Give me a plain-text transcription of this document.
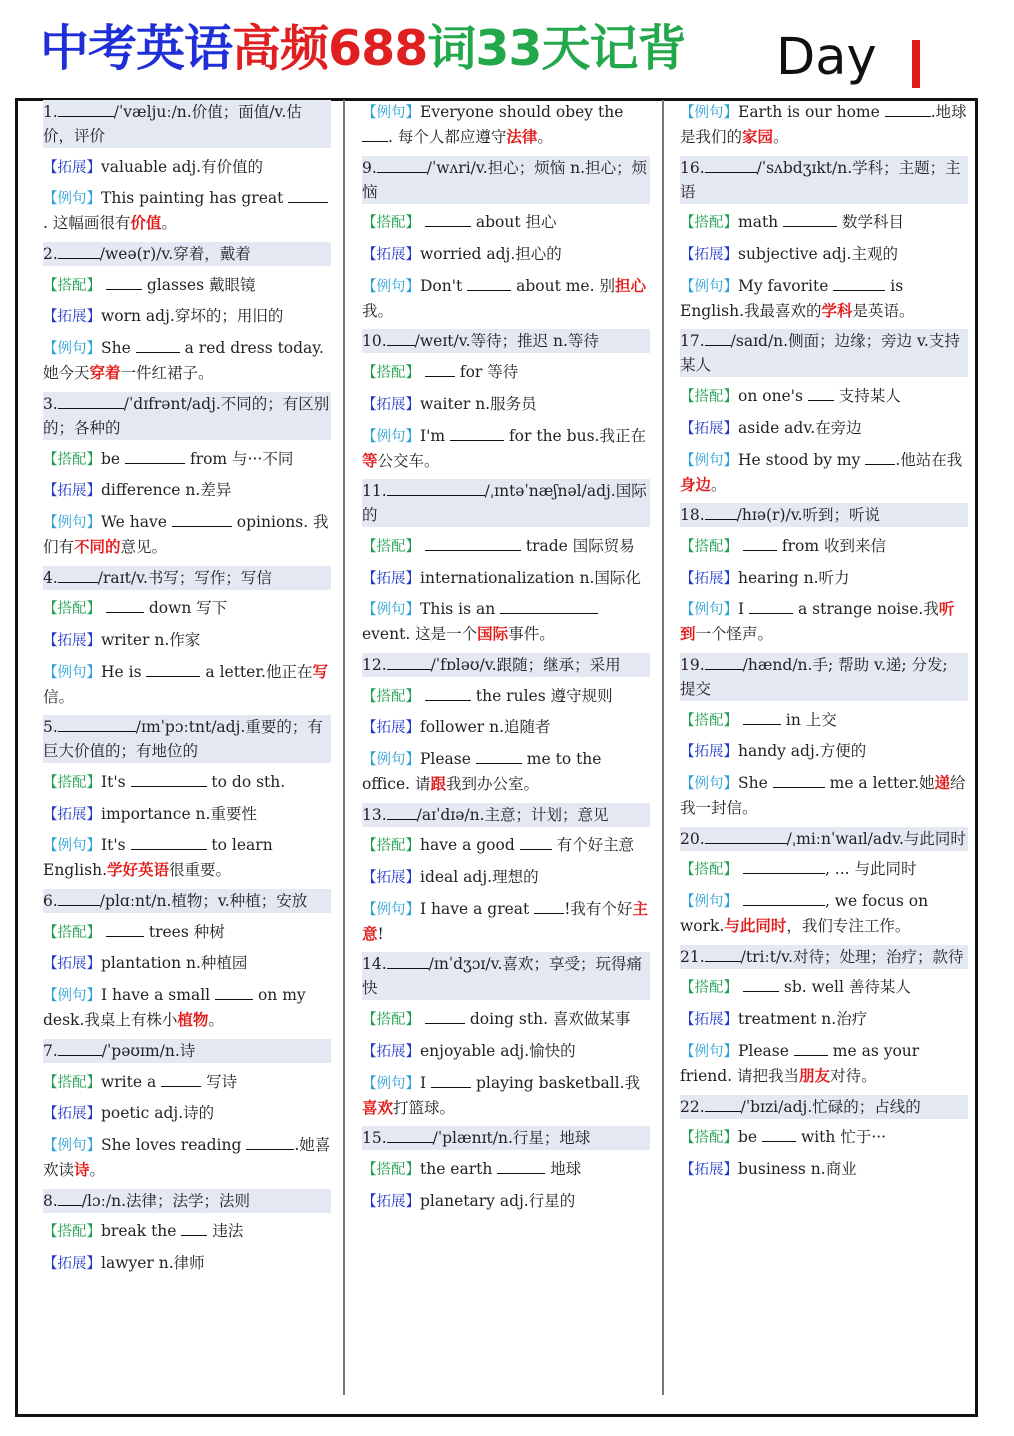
中考英语高频688词33天记背 Day
1.	/ˈvæljuː/n.价值；面值/v.估价，评价
【拓展】valuable adj.有价值的
【例句】This painting has great . 这幅画很有价值。
2.	/weə(r)/v.穿着，戴着
【搭配】	glasses 戴眼镜
【拓展】worn adj.穿坏的；用旧的
【例句】She	a red dress today. 她今天穿着一件红裙子。
3.	/ˈdɪfrənt/adj.不同的；有区别的；各种的
【搭配】be	from 与···不同
【拓展】difference n.差异
【例句】We have	opinions. 我们有不同的意见。
4.	/raɪt/v.书写；写作；写信
【搭配】	down 写下
【拓展】writer n.作家
【例句】He is	a letter.他正在写信。
5.	/ɪmˈpɔːtnt/adj.重要的；有巨大价值的；有地位的
【搭配】It's	to do sth.
【拓展】importance n.重要性
【例句】It's	to learn English.学好英语很重要。
6.	/plɑːnt/n.植物；v.种植；安放
【搭配】	trees 种树
【拓展】plantation n.种植园
【例句】I have a small  on my desk.我桌上有株小植物。
7.	/ˈpəʊɪm/n.诗
【搭配】write a	写诗
【拓展】poetic adj.诗的
【例句】She loves reading	.她喜欢读诗。
8. /lɔː/n.法律；法学；法则
【搭配】break the  违法
【拓展】lawyer n.律师
【例句】Everyone should obey the . 每个人都应遵守法律。
9.	/ˈwʌri/v.担心；烦恼 n.担心；烦恼
【搭配】	about 担心
【拓展】worried adj.担心的
【例句】Don't	about me. 别担心我。
10. /weɪt/v.等待；推迟 n.等待
【搭配】  for 等待
【拓展】waiter n.服务员
【例句】I'm	for the bus.我正在等公交车。
11.	/ˌɪntəˈnæʃnəl/adj.国际的
【搭配】	trade 国际贸易
【拓展】internationalization n.国际化
【例句】This is an  event. 这是一个国际事件。
12.	/ˈfɒləʊ/v.跟随；继承；采用
【搭配】	the rules 遵守规则
【拓展】follower n.追随者
【例句】Please	me to the office. 请跟我到办公室。
13. /aɪˈdɪə/n.主意；计划；意见
【搭配】have a good  有个好主意
【拓展】ideal adj.理想的
【例句】I have a great !我有个好主意!
14.	/ɪnˈdʒɔɪ/v.喜欢；享受；玩得痛快
【搭配】	doing sth. 喜欢做某事
【拓展】enjoyable adj.愉快的
【例句】I	playing basketball.我喜欢打篮球。
15.	/ˈplænɪt/n.行星；地球
【搭配】the earth	地球
【拓展】planetary adj.行星的
【例句】Earth is our home	.地球是我们的家园。
16.	/ˈsʌbdʒɪkt/n.学科；主题；主语
【搭配】math	数学科目
【拓展】subjective adj.主观的
【例句】My favorite	is English.我最喜欢的学科是英语。
17. /saɪd/n.侧面；边缘；旁边 v.支持某人
【搭配】on one's  支持某人
【拓展】aside adv.在旁边
【例句】He stood by my .他站在我身边。
18. /hɪə(r)/v.听到；听说
【搭配】	from 收到来信
【拓展】hearing n.听力
【例句】I	a strange noise.我听到一个怪声。
19. /hænd/n.手; 帮助 v.递; 分发; 提交
【搭配】	in 上交
【拓展】handy adj.方便的
【例句】She	me a letter.她递给我一封信。
20.	/ˌmiːnˈwaɪl/adv.与此同时
【搭配】	, ... 与此同时
【例句】	, we focus on work.与此同时，我们专注工作。
21. /triːt/v.对待；处理；治疗；款待
【搭配】	sb. well 善待某人
【拓展】treatment n.治疗
【例句】Please  me as your friend. 请把我当朋友对待。
22. /ˈbɪzi/adj.忙碌的；占线的
【搭配】be  with 忙于···
【拓展】business n.商业
